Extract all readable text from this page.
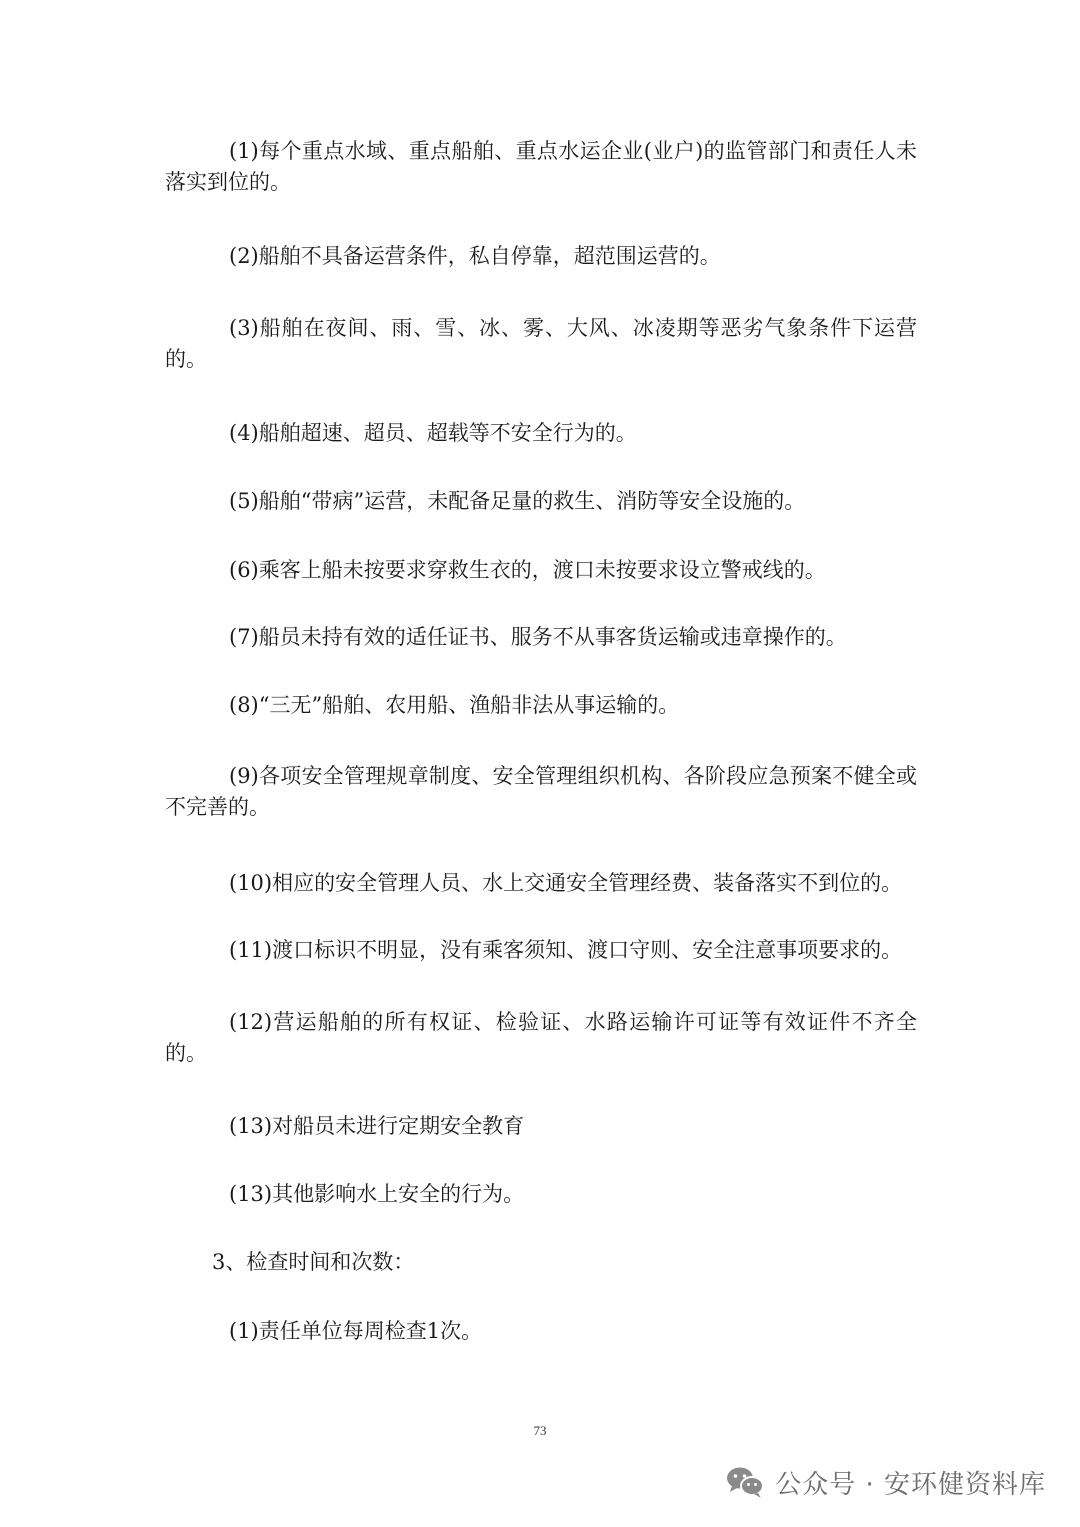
(1)每个重点水域、重点船舶、重点水运企业(业户)的监管部门和责任人未落实到位的。

(2)船舶不具备运营条件，私自停靠，超范围运营的。

(3)船舶在夜间、雨、雪、冰、雾、大风、冰凌期等恶劣气象条件下运营的。

(4)船舶超速、超员、超载等不安全行为的。

(5)船舶“带病”运营，未配备足量的救生、消防等安全设施的。

(6)乘客上船未按要求穿救生衣的，渡口未按要求设立警戒线的。

(7)船员未持有效的适任证书、服务不从事客货运输或违章操作的。

(8)“三无”船舶、农用船、渔船非法从事运输的。

(9)各项安全管理规章制度、安全管理组织机构、各阶段应急预案不健全或不完善的。

(10)相应的安全管理人员、水上交通安全管理经费、装备落实不到位的。

(11)渡口标识不明显，没有乘客须知、渡口守则、安全注意事项要求的。

(12)营运船舶的所有权证、检验证、水路运输许可证等有效证件不齐全的。

(13)对船员未进行定期安全教育

(13)其他影响水上安全的行为。

3、检查时间和次数：

(1)责任单位每周检查1次。

73
公众号 · 安环健资料库
